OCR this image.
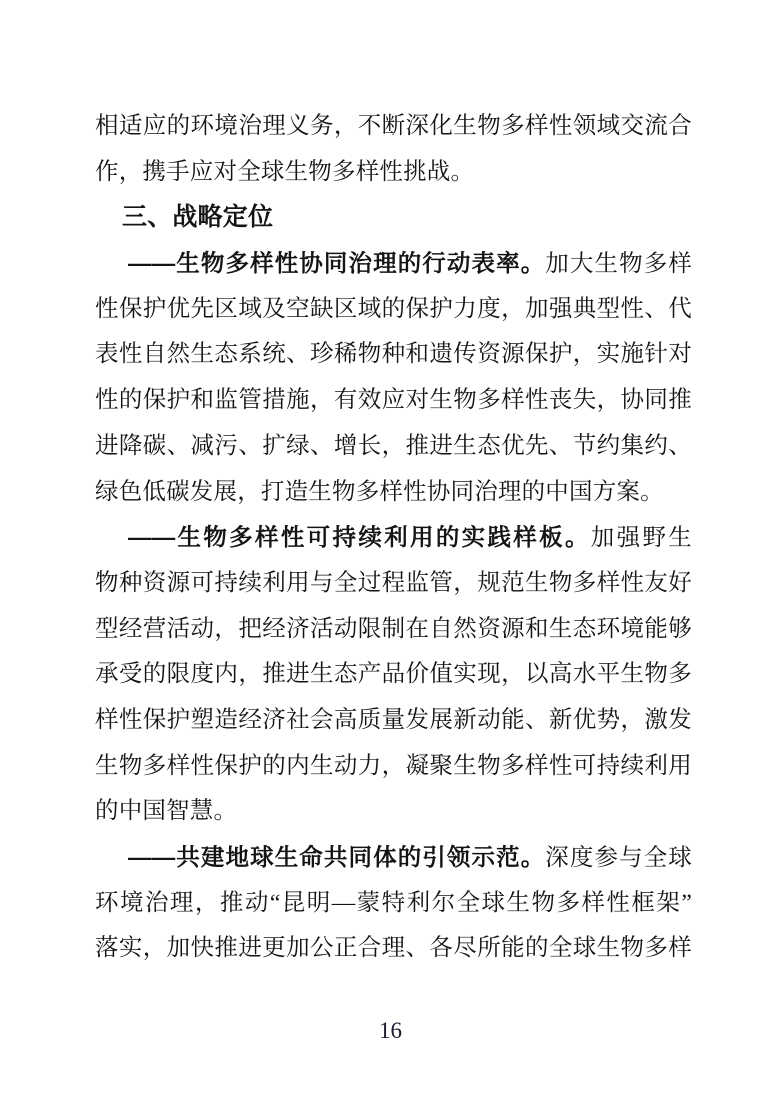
相适应的环境治理义务，不断深化生物多样性领域交流合
作，携手应对全球生物多样性挑战。
三、战略定位
——生物多样性协同治理的行动表率。加大生物多样
性保护优先区域及空缺区域的保护力度，加强典型性、代
表性自然生态系统、珍稀物种和遗传资源保护，实施针对
性的保护和监管措施，有效应对生物多样性丧失，协同推
进降碳、减污、扩绿、增长，推进生态优先、节约集约、
绿色低碳发展，打造生物多样性协同治理的中国方案。
——生物多样性可持续利用的实践样板。加强野生
物种资源可持续利用与全过程监管，规范生物多样性友好
型经营活动，把经济活动限制在自然资源和生态环境能够
承受的限度内，推进生态产品价值实现，以高水平生物多
样性保护塑造经济社会高质量发展新动能、新优势，激发
生物多样性保护的内生动力，凝聚生物多样性可持续利用
的中国智慧。
——共建地球生命共同体的引领示范。深度参与全球
环境治理，推动“昆明—蒙特利尔全球生物多样性框架”
落实，加快推进更加公正合理、各尽所能的全球生物多样
16
